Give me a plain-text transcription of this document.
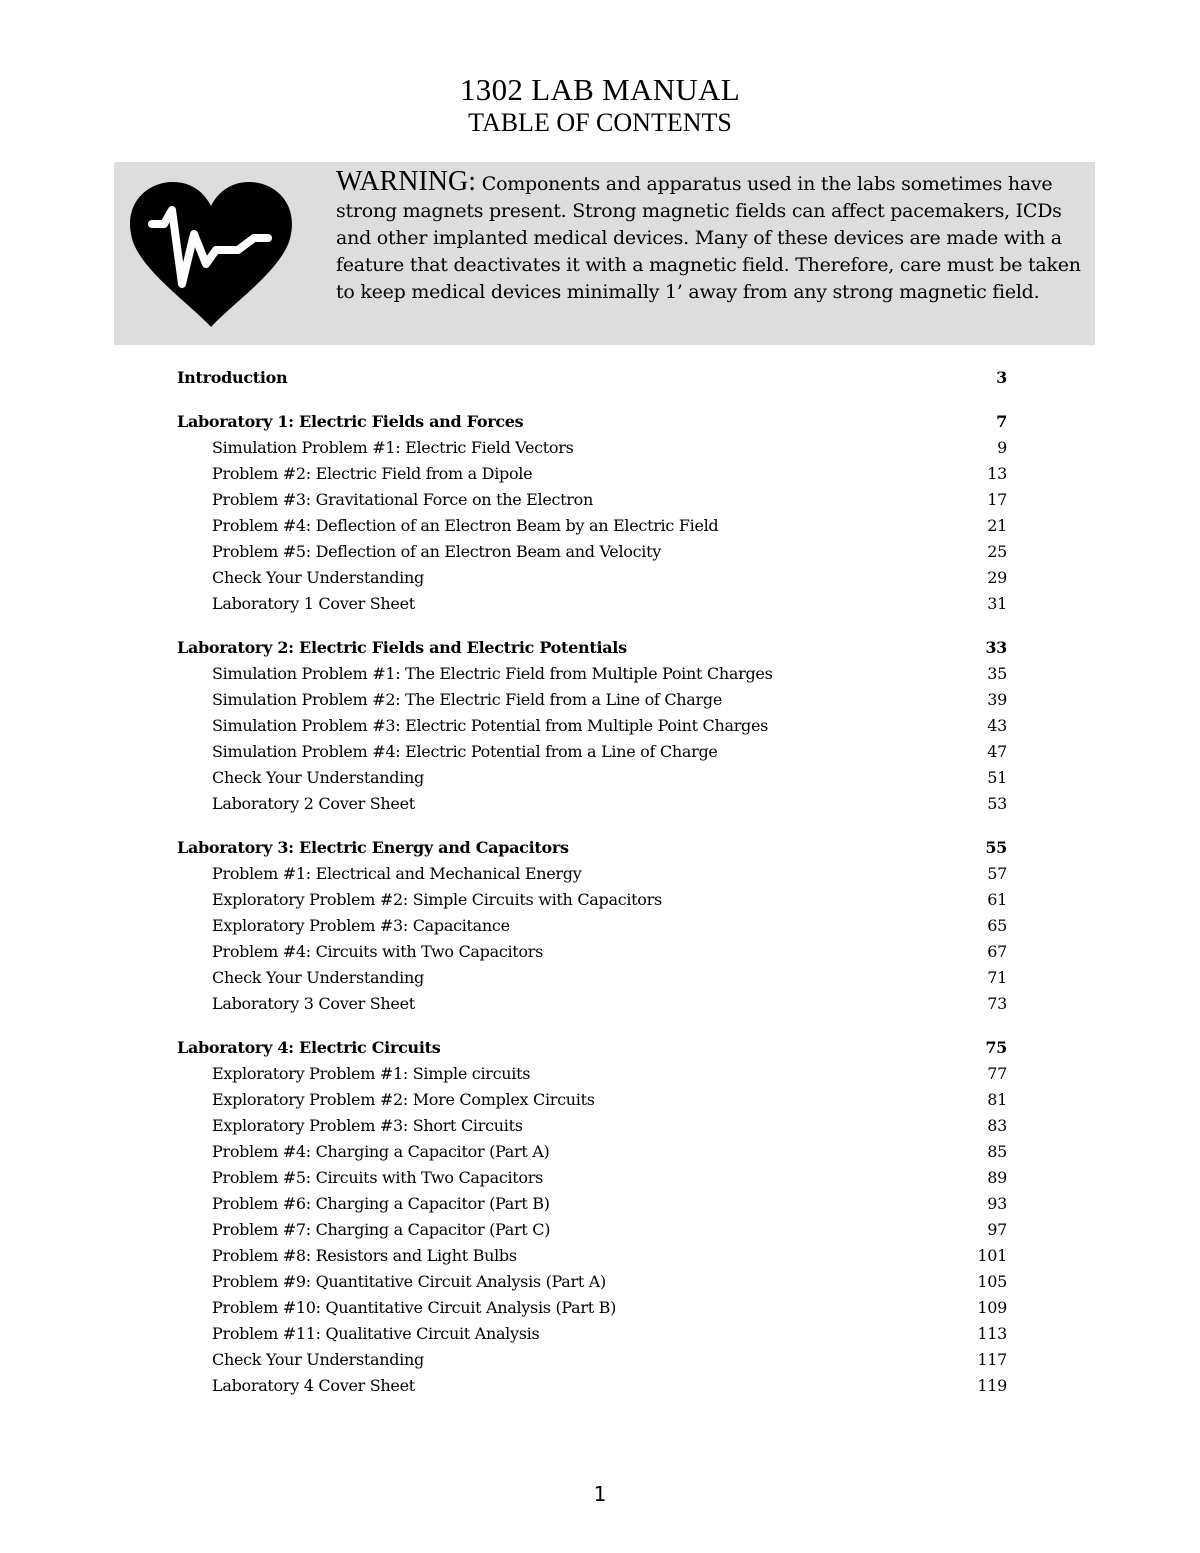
1302 LAB MANUAL
TABLE OF CONTENTS
WARNING: Components and apparatus used in the labs sometimes have strong magnets present. Strong magnetic fields can affect pacemakers, ICDs and other implanted medical devices. Many of these devices are made with a feature that deactivates it with a magnetic field. Therefore, care must be taken to keep medical devices minimally 1’ away from any strong magnetic field.
Introduction	3
Laboratory 1: Electric Fields and Forces	7
Simulation Problem #1: Electric Field Vectors	9
Problem #2: Electric Field from a Dipole	13
Problem #3: Gravitational Force on the Electron	17
Problem #4: Deflection of an Electron Beam by an Electric Field	21
Problem #5: Deflection of an Electron Beam and Velocity	25
Check Your Understanding	29
Laboratory 1 Cover Sheet	31
Laboratory 2: Electric Fields and Electric Potentials	33
Simulation Problem #1: The Electric Field from Multiple Point Charges	35
Simulation Problem #2: The Electric Field from a Line of Charge	39
Simulation Problem #3: Electric Potential from Multiple Point Charges	43
Simulation Problem #4: Electric Potential from a Line of Charge	47
Check Your Understanding	51
Laboratory 2 Cover Sheet	53
Laboratory 3: Electric Energy and Capacitors	55
Problem #1: Electrical and Mechanical Energy	57
Exploratory Problem #2: Simple Circuits with Capacitors	61
Exploratory Problem #3: Capacitance	65
Problem #4: Circuits with Two Capacitors	67
Check Your Understanding	71
Laboratory 3 Cover Sheet	73
Laboratory 4: Electric Circuits	75
Exploratory Problem #1: Simple circuits	77
Exploratory Problem #2: More Complex Circuits	81
Exploratory Problem #3: Short Circuits	83
Problem #4: Charging a Capacitor (Part A)	85
Problem #5: Circuits with Two Capacitors	89
Problem #6: Charging a Capacitor (Part B)	93
Problem #7: Charging a Capacitor (Part C)	97
Problem #8: Resistors and Light Bulbs	101
Problem #9: Quantitative Circuit Analysis (Part A)	105
Problem #10: Quantitative Circuit Analysis (Part B)	109
Problem #11: Qualitative Circuit Analysis	113
Check Your Understanding	117
Laboratory 4 Cover Sheet	119
1
